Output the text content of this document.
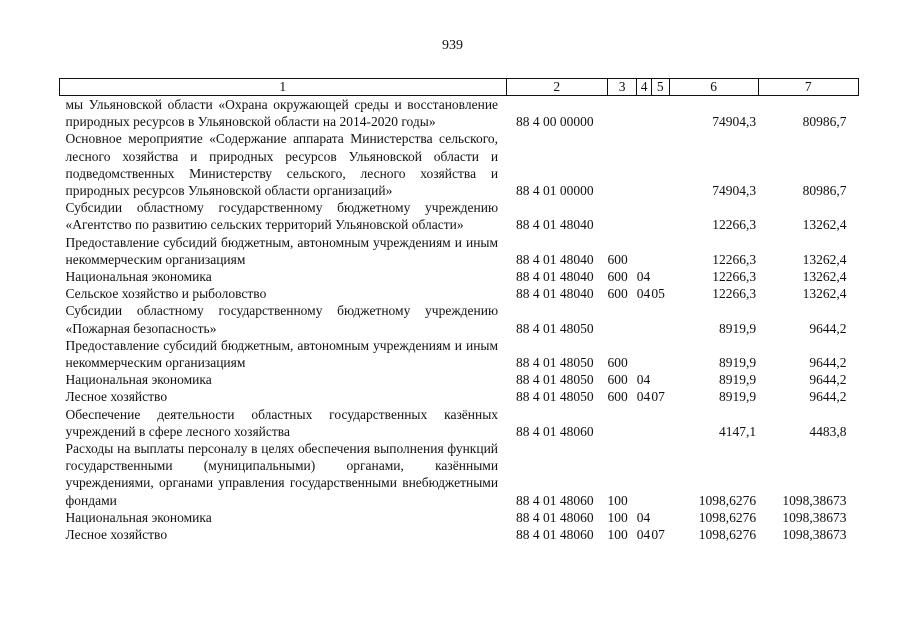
939
1	2	3	4	5	6	7
мы Ульяновской области «Охрана окружающей среды и восстановление природных ресурсов в Ульяновской области на 2014-2020 годы»	88 4 00 00000				74904,3	80986,7
Основное мероприятие «Содержание аппарата Министерства сельского, лесного хозяйства и природных ресурсов Ульяновской области и подведомственных Министерству сельского, лесного хозяйства и природных ресурсов Ульяновской области организаций»	88 4 01 00000				74904,3	80986,7
Субсидии областному государственному бюджетному учреждению «Агентство по развитию сельских территорий Ульяновской области»	88 4 01 48040				12266,3	13262,4
Предоставление субсидий бюджетным, автономным учреждениям и иным некоммерческим организациям	88 4 01 48040	600			12266,3	13262,4
Национальная экономика	88 4 01 48040	600	04		12266,3	13262,4
Сельское хозяйство и рыболовство	88 4 01 48040	600	04	05	12266,3	13262,4
Субсидии областному государственному бюджетному учреждению «Пожарная безопасность»	88 4 01 48050				8919,9	9644,2
Предоставление субсидий бюджетным, автономным учреждениям и иным некоммерческим организациям	88 4 01 48050	600			8919,9	9644,2
Национальная экономика	88 4 01 48050	600	04		8919,9	9644,2
Лесное хозяйство	88 4 01 48050	600	04	07	8919,9	9644,2
Обеспечение деятельности областных государственных казённых учреждений в сфере лесного хозяйства	88 4 01 48060				4147,1	4483,8
Расходы на выплаты персоналу в целях обеспечения выполнения функций государственными (муниципальными) органами, казёнными учреждениями, органами управления государственными внебюджетными фондами	88 4 01 48060	100			1098,6276	1098,38673
Национальная экономика	88 4 01 48060	100	04		1098,6276	1098,38673
Лесное хозяйство	88 4 01 48060	100	04	07	1098,6276	1098,38673
